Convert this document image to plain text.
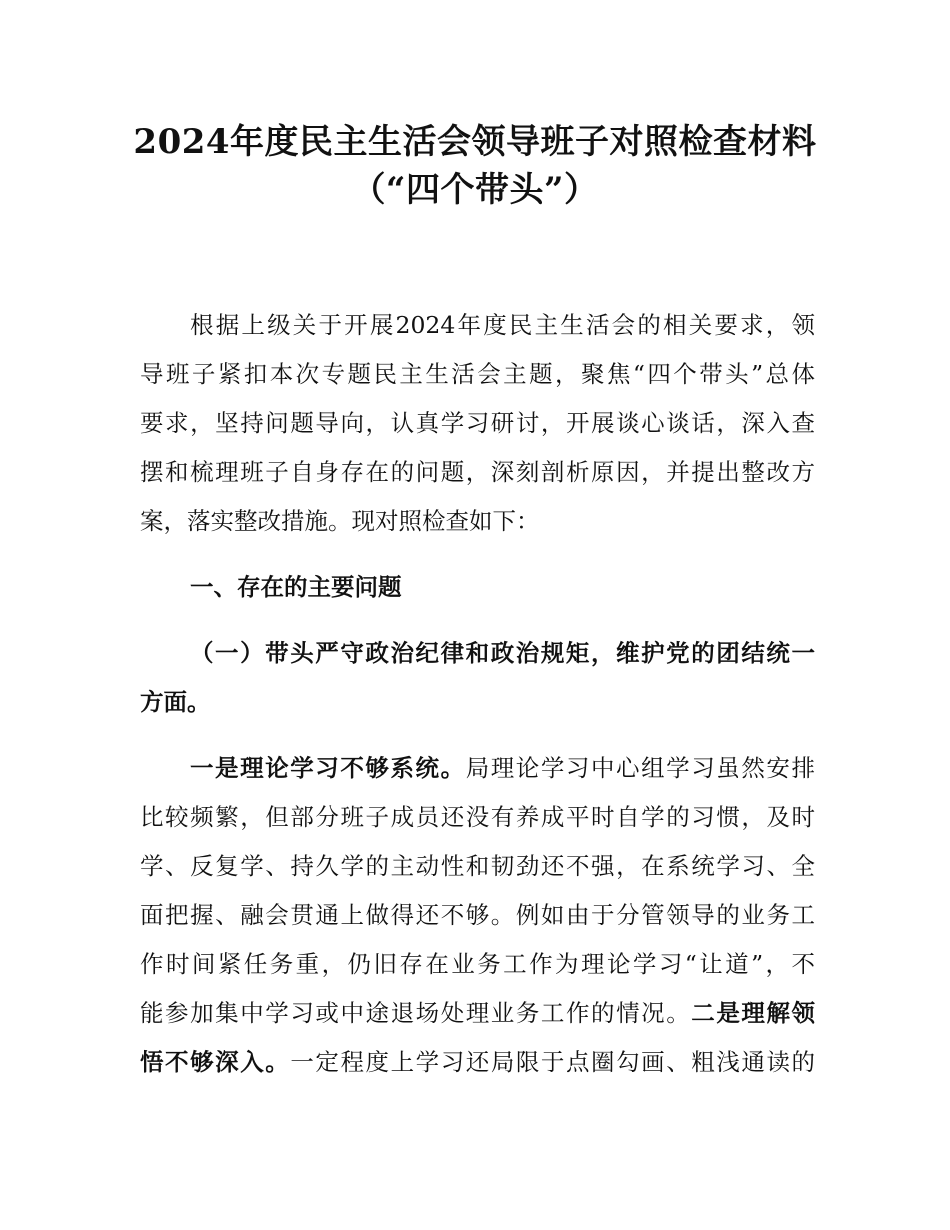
2024年度民主生活会领导班子对照检查材料
（“四个带头”）
根据上级关于开展2024年度民主生活会的相关要求，领
导班子紧扣本次专题民主生活会主题，聚焦“四个带头”总体
要求，坚持问题导向，认真学习研讨，开展谈心谈话，深入查
摆和梳理班子自身存在的问题，深刻剖析原因，并提出整改方
案，落实整改措施。现对照检查如下：
一、存在的主要问题
（一）带头严守政治纪律和政治规矩，维护党的团结统一
方面。
一是理论学习不够系统。局理论学习中心组学习虽然安排
比较频繁，但部分班子成员还没有养成平时自学的习惯，及时
学、反复学、持久学的主动性和韧劲还不强，在系统学习、全
面把握、融会贯通上做得还不够。例如由于分管领导的业务工
作时间紧任务重，仍旧存在业务工作为理论学习“让道”，不
能参加集中学习或中途退场处理业务工作的情况。二是理解领
悟不够深入。一定程度上学习还局限于点圈勾画、粗浅通读的
